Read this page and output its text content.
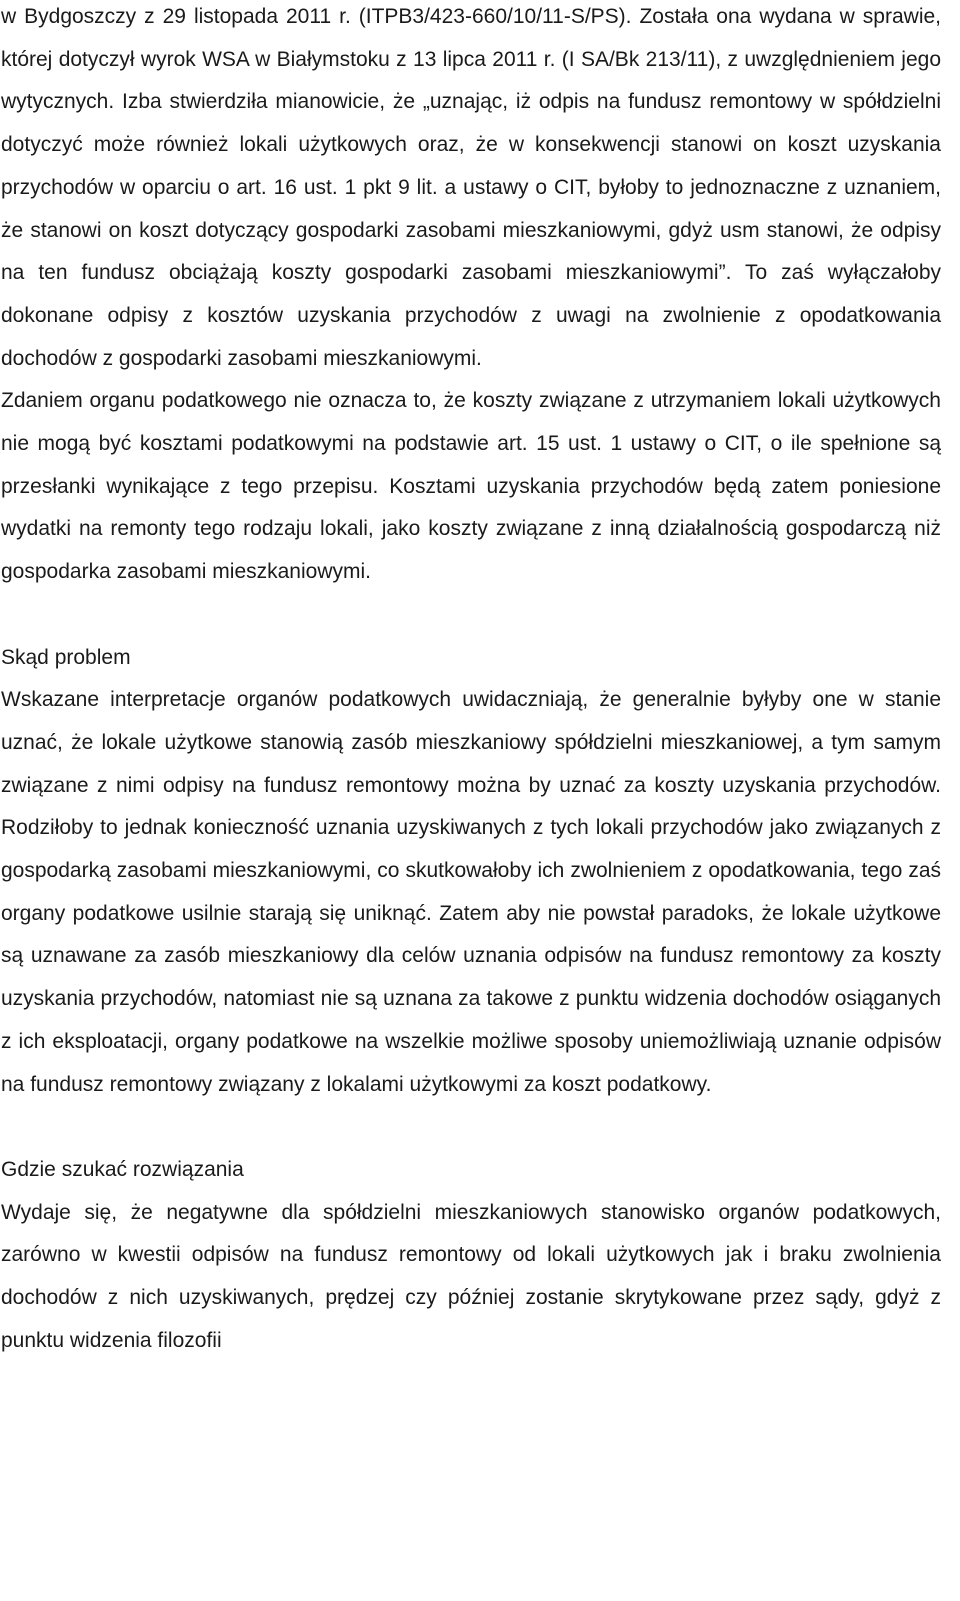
w Bydgoszczy z 29 listopada 2011 r. (ITPB3/423-660/10/11-S/PS). Została ona wydana w sprawie, której dotyczył wyrok WSA w Białymstoku z 13 lipca 2011 r. (I SA/Bk 213/11), z uwzględnieniem jego wytycznych. Izba stwierdziła mianowicie, że „uznając, iż odpis na fundusz remontowy w spółdzielni dotyczyć może również lokali użytkowych oraz, że w konsekwencji stanowi on koszt uzyskania przychodów w oparciu o art. 16 ust. 1 pkt 9 lit. a ustawy o CIT, byłoby to jednoznaczne z uznaniem, że stanowi on koszt dotyczący gospodarki zasobami mieszkaniowymi, gdyż usm stanowi, że odpisy na ten fundusz obciążają koszty gospodarki zasobami mieszkaniowymi”. To zaś wyłączałoby dokonane odpisy z kosztów uzyskania przychodów z uwagi na zwolnienie z opodatkowania dochodów z gospodarki zasobami mieszkaniowymi.

Zdaniem organu podatkowego nie oznacza to, że koszty związane z utrzymaniem lokali użytkowych nie mogą być kosztami podatkowymi na podstawie art. 15 ust. 1 ustawy o CIT, o ile spełnione są przesłanki wynikające z tego przepisu. Kosztami uzyskania przychodów będą zatem poniesione wydatki na remonty tego rodzaju lokali, jako koszty związane z inną działalnością gospodarczą niż gospodarka zasobami mieszkaniowymi.

Skąd problem

Wskazane interpretacje organów podatkowych uwidaczniają, że generalnie byłyby one w stanie uznać, że lokale użytkowe stanowią zasób mieszkaniowy spółdzielni mieszkaniowej, a tym samym związane z nimi odpisy na fundusz remontowy można by uznać za koszty uzyskania przychodów. Rodziłoby to jednak konieczność uznania uzyskiwanych z tych lokali przychodów jako związanych z gospodarką zasobami mieszkaniowymi, co skutkowałoby ich zwolnieniem z opodatkowania, tego zaś organy podatkowe usilnie starają się uniknąć. Zatem aby nie powstał paradoks, że lokale użytkowe są uznawane za zasób mieszkaniowy dla celów uznania odpisów na fundusz remontowy za koszty uzyskania przychodów, natomiast nie są uznana za takowe z punktu widzenia dochodów osiąganych z ich eksploatacji, organy podatkowe na wszelkie możliwe sposoby uniemożliwiają uznanie odpisów na fundusz remontowy związany z lokalami użytkowymi za koszt podatkowy.

Gdzie szukać rozwiązania

Wydaje się, że negatywne dla spółdzielni mieszkaniowych stanowisko organów podatkowych, zarówno w kwestii odpisów na fundusz remontowy od lokali użytkowych jak i braku zwolnienia dochodów z nich uzyskiwanych, prędzej czy później zostanie skrytykowane przez sądy, gdyż z punktu widzenia filozofii
